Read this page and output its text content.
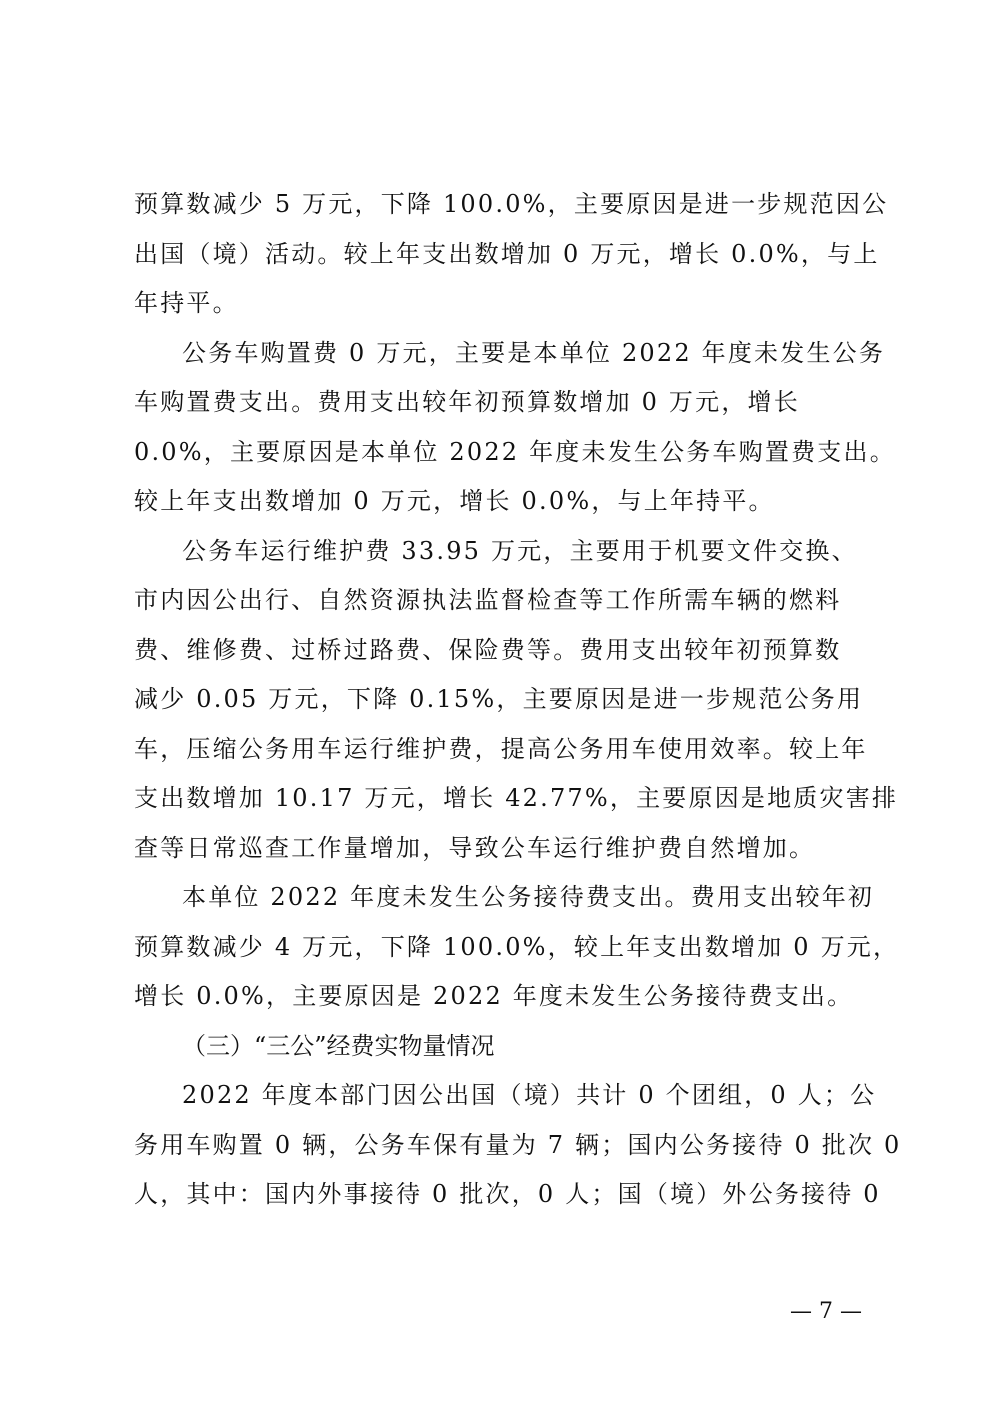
预算数减少 5 万元，下降 100.0%，主要原因是进一步规范因公
出国（境）活动。较上年支出数增加 0 万元，增长 0.0%，与上
年持平。
公务车购置费 0 万元，主要是本单位 2022 年度未发生公务
车购置费支出。费用支出较年初预算数增加 0 万元，增长
0.0%，主要原因是本单位 2022 年度未发生公务车购置费支出。
较上年支出数增加 0 万元，增长 0.0%，与上年持平。
公务车运行维护费 33.95 万元，主要用于机要文件交换、
市内因公出行、自然资源执法监督检查等工作所需车辆的燃料
费、维修费、过桥过路费、保险费等。费用支出较年初预算数
减少 0.05 万元，下降 0.15%，主要原因是进一步规范公务用
车，压缩公务用车运行维护费，提高公务用车使用效率。较上年
支出数增加 10.17 万元，增长 42.77%，主要原因是地质灾害排
查等日常巡查工作量增加，导致公车运行维护费自然增加。
本单位 2022 年度未发生公务接待费支出。费用支出较年初
预算数减少 4 万元，下降 100.0%，较上年支出数增加 0 万元，
增长 0.0%，主要原因是 2022 年度未发生公务接待费支出。
（三）“三公”经费实物量情况
2022 年度本部门因公出国（境）共计 0 个团组，0 人；公
务用车购置 0 辆，公务车保有量为 7 辆；国内公务接待 0 批次 0
人，其中：国内外事接待 0 批次，0 人；国（境）外公务接待 0
— 7 —
